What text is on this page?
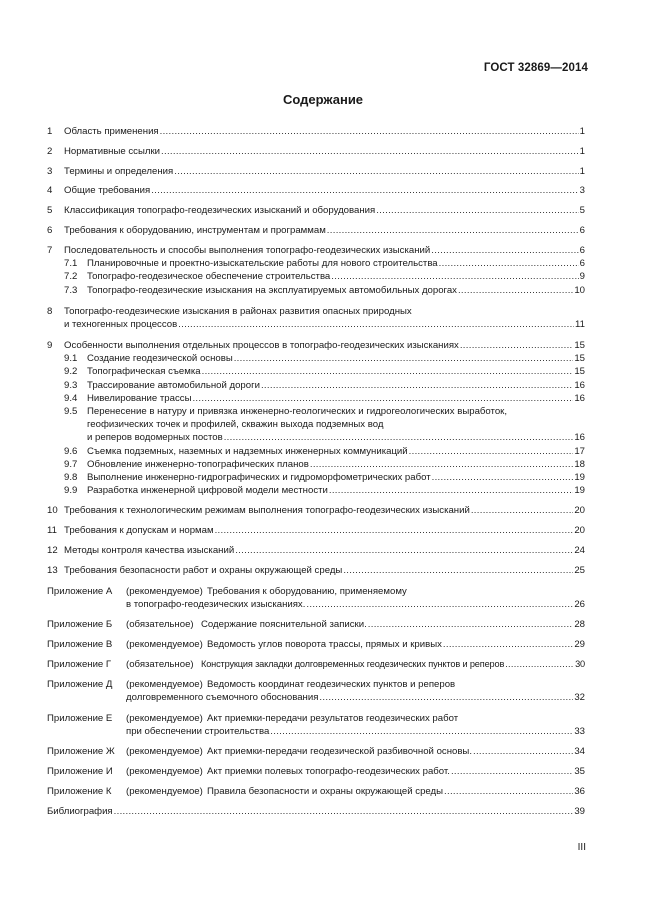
ГОСТ 32869—2014
Содержание
1 Область применения .....	1
2 Нормативные ссылки .....	1
3 Термины и определения .....	1
4 Общие требования .....	3
5 Классификация топографо-геодезических изысканий и оборудования .....	5
6 Требования к оборудованию, инструментам и программам .....	6
7 Последовательность и способы выполнения топографо-геодезических изысканий .....	6
7.1 Планировочные и проектно-изыскательские работы для нового строительства .....	6
7.2 Топографо-геодезическое обеспечение строительства .....	9
7.3 Топографо-геодезические изыскания на эксплуатируемых автомобильных дорогах .....	10
8 Топографо-геодезические изыскания в районах развития опасных природных
и техногенных процессов .....	11
9 Особенности выполнения отдельных процессов в топографо-геодезических изысканиях .....	15
9.1 Создание геодезической основы .....	15
9.2 Топографическая съемка .....	15
9.3 Трассирование автомобильной дороги .....	16
9.4 Нивелирование трассы .....	16
9.5 Перенесение в натуру и привязка инженерно-геологических и гидрогеологических выработок,
геофизических точек и профилей, скважин выхода подземных вод
и реперов водомерных постов .....	16
9.6 Съемка подземных, наземных и надземных инженерных коммуникаций .....	17
9.7 Обновление инженерно-топографических планов .....	18
9.8 Выполнение инженерно-гидрографических и гидроморфометрических работ .....	19
9.9 Разработка инженерной цифровой модели местности .....	19
10 Требования к технологическим режимам выполнения топографо-геодезических изысканий .....	20
11 Требования к допускам и нормам .....	20
12 Методы контроля качества изысканий .....	24
13 Требования безопасности работ и охраны окружающей среды .....	25
Приложение А (рекомендуемое) Требования к оборудованию, применяемому
в топографо-геодезических изысканиях. .....	26
Приложение Б (обязательное) Содержание пояснительной записки. .....	28
Приложение В (рекомендуемое) Ведомость углов поворота трассы, прямых и кривых .....	29
Приложение Г (обязательное) Конструкция закладки долговременных геодезических пунктов и реперов .....	30
Приложение Д (рекомендуемое) Ведомость координат геодезических пунктов и реперов
долговременного съемочного обоснования .....	32
Приложение Е (рекомендуемое) Акт приемки-передачи результатов геодезических работ
при обеспечении строительства .....	33
Приложение Ж (рекомендуемое) Акт приемки-передачи геодезической разбивочной основы. .....	34
Приложение И (рекомендуемое) Акт приемки полевых топографо-геодезических работ. .....	35
Приложение К (рекомендуемое) Правила безопасности и охраны окружающей среды .....	36
Библиография .....	39
III
